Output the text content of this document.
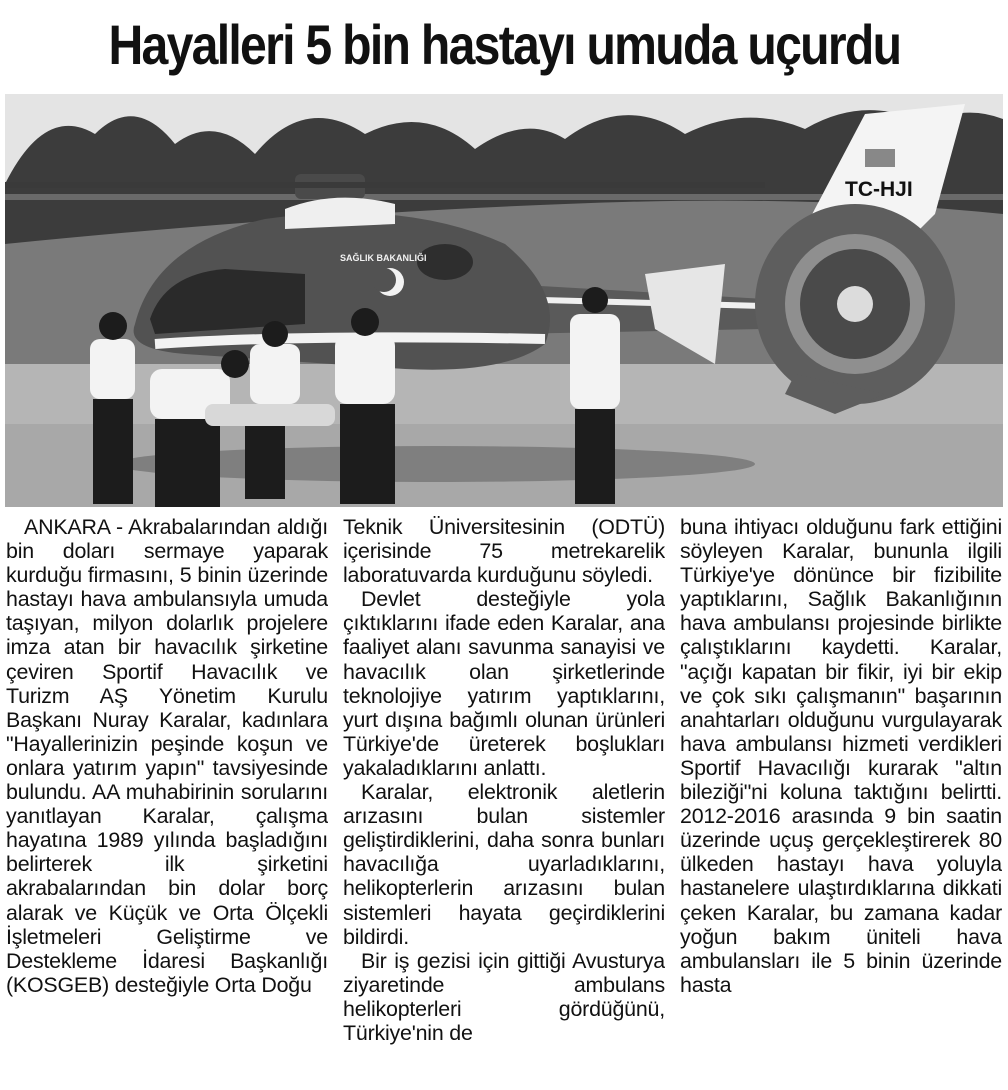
Hayalleri 5 bin hastayı umuda uçurdu
TC-HJI
SAĞLIK BAKANLIĞI

ANKARA - Akrabalarından aldığı bin doları sermaye yaparak kurduğu firmasını, 5 binin üzerinde hastayı hava ambulansıyla umuda taşıyan, milyon dolarlık projelere imza atan bir havacılık şirketine çeviren Sportif Havacılık ve Turizm AŞ Yönetim Kurulu Başkanı Nuray Karalar, kadınlara "Hayallerinizin peşinde koşun ve onlara yatırım yapın" tavsiyesinde bulundu. AA muhabirinin sorularını yanıtlayan Karalar, çalışma hayatına 1989 yılında başladığını belirterek ilk şirketini akrabalarından bin dolar borç alarak ve Küçük ve Orta Ölçekli İşletmeleri Geliştirme ve Destekleme İdaresi Başkanlığı (KOSGEB) desteğiyle Orta Doğu

Teknik Üniversitesinin (ODTÜ) içerisinde 75 metrekarelik laboratuvarda kurduğunu söyledi.

Devlet desteğiyle yola çıktıklarını ifade eden Karalar, ana faaliyet alanı savunma sanayisi ve havacılık olan şirketlerinde teknolojiye yatırım yaptıklarını, yurt dışına bağımlı olunan ürünleri Türkiye'de üreterek boşlukları yakaladıklarını anlattı.

Karalar, elektronik aletlerin arızasını bulan sistemler geliştirdiklerini, daha sonra bunları havacılığa uyarladıklarını, helikopterlerin arızasını bulan sistemleri hayata geçirdiklerini bildirdi.

Bir iş gezisi için gittiği Avusturya ziyaretinde ambulans helikopterleri gördüğünü, Türkiye'nin de

buna ihtiyacı olduğunu fark ettiğini söyleyen Karalar, bununla ilgili Türkiye'ye dönünce bir fizibilite yaptıklarını, Sağlık Bakanlığının hava ambulansı projesinde birlikte çalıştıklarını kaydetti. Karalar, "açığı kapatan bir fikir, iyi bir ekip ve çok sıkı çalışmanın" başarının anahtarları olduğunu vurgulayarak hava ambulansı hizmeti verdikleri Sportif Havacılığı kurarak "altın bileziği"ni koluna taktığını belirtti. 2012-2016 arasında 9 bin saatin üzerinde uçuş gerçekleştirerek 80 ülkeden hastayı hava yoluyla hastanelere ulaştırdıklarına dikkati çeken Karalar, bu zamana kadar yoğun bakım üniteli hava ambulansları ile 5 binin üzerinde hasta
